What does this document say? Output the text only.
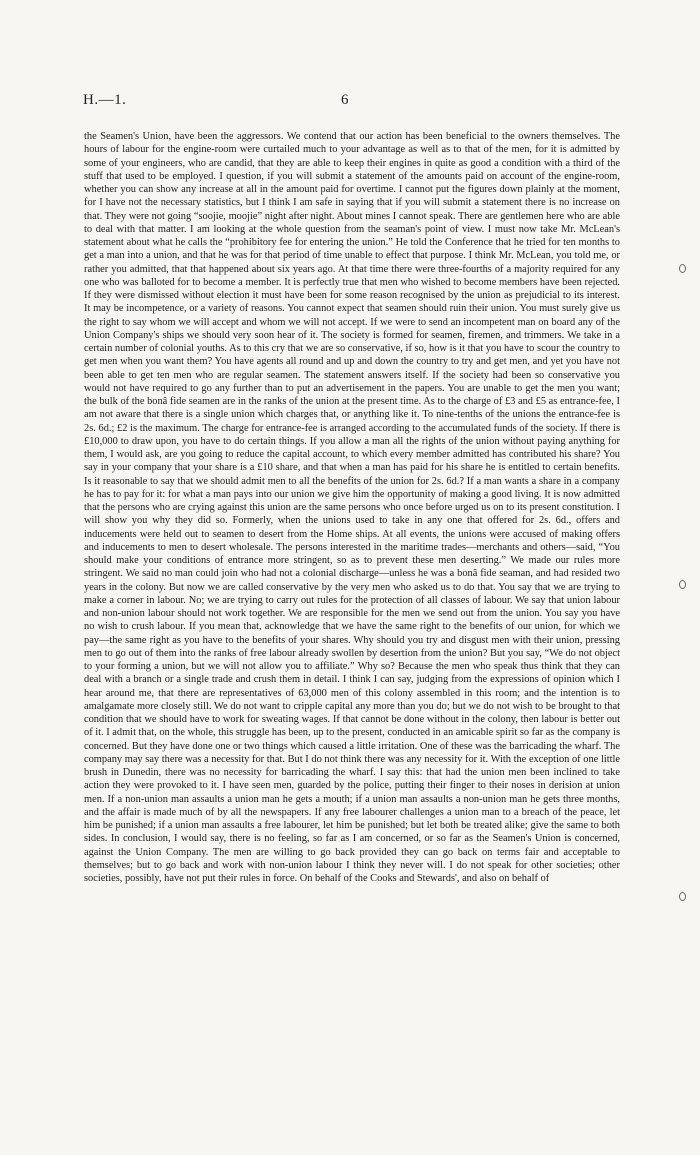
H.—1.	6

the Seamen's Union, have been the aggressors. We contend that our action has been beneficial to the owners themselves. The hours of labour for the engine-room were curtailed much to your advantage as well as to that of the men, for it is admitted by some of your engineers, who are candid, that they are able to keep their engines in quite as good a condition with a third of the stuff that used to be employed. I question, if you will submit a statement of the amounts paid on account of the engine-room, whether you can show any increase at all in the amount paid for overtime. I cannot put the figures down plainly at the moment, for I have not the necessary statistics, but I think I am safe in saying that if you will submit a statement there is no increase on that. They were not going “soojie, moojie” night after night. About mines I cannot speak. There are gentlemen here who are able to deal with that matter. I am looking at the whole question from the seaman's point of view. I must now take Mr. McLean's statement about what he calls the “prohibitory fee for entering the union.” He told the Conference that he tried for ten months to get a man into a union, and that he was for that period of time unable to effect that purpose. I think Mr. McLean, you told me, or rather you admitted, that that happened about six years ago. At that time there were three-fourths of a majority required for any one who was balloted for to become a member. It is perfectly true that men who wished to become members have been rejected. If they were dismissed without election it must have been for some reason recognised by the union as prejudicial to its interest. It may be incompetence, or a variety of reasons. You cannot expect that seamen should ruin their union. You must surely give us the right to say whom we will accept and whom we will not accept. If we were to send an incompetent man on board any of the Union Company's ships we should very soon hear of it. The society is formed for seamen, firemen, and trimmers. We take in a certain number of colonial youths. As to this cry that we are so conservative, if so, how is it that you have to scour the country to get men when you want them? You have agents all round and up and down the country to try and get men, and yet you have not been able to get ten men who are regular seamen. The statement answers itself. If the society had been so conservative you would not have required to go any further than to put an advertisement in the papers. You are unable to get the men you want; the bulk of the bonâ fide seamen are in the ranks of the union at the present time. As to the charge of £3 and £5 as entrance-fee, I am not aware that there is a single union which charges that, or anything like it. To nine-tenths of the unions the entrance-fee is 2s. 6d.; £2 is the maximum. The charge for entrance-fee is arranged according to the accumulated funds of the society. If there is £10,000 to draw upon, you have to do certain things. If you allow a man all the rights of the union without paying anything for them, I would ask, are you going to reduce the capital account, to which every member admitted has contributed his share? You say in your company that your share is a £10 share, and that when a man has paid for his share he is entitled to certain benefits. Is it reasonable to say that we should admit men to all the benefits of the union for 2s. 6d.? If a man wants a share in a company he has to pay for it: for what a man pays into our union we give him the opportunity of making a good living. It is now admitted that the persons who are crying against this union are the same persons who once before urged us on to its present constitution. I will show you why they did so. Formerly, when the unions used to take in any one that offered for 2s. 6d., offers and inducements were held out to seamen to desert from the Home ships. At all events, the unions were accused of making offers and inducements to men to desert wholesale. The persons interested in the maritime trades—merchants and others—said, “You should make your conditions of entrance more stringent, so as to prevent these men deserting.” We made our rules more stringent. We said no man could join who had not a colonial discharge—unless he was a bonâ fide seaman, and had resided two years in the colony. But now we are called conservative by the very men who asked us to do that. You say that we are trying to make a corner in labour. No; we are trying to carry out rules for the protection of all classes of labour. We say that union labour and non-union labour should not work together. We are responsible for the men we send out from the union. You say you have no wish to crush labour. If you mean that, acknowledge that we have the same right to the benefits of our union, for which we pay—the same right as you have to the benefits of your shares. Why should you try and disgust men with their union, pressing men to go out of them into the ranks of free labour already swollen by desertion from the union? But you say, “We do not object to your forming a union, but we will not allow you to affiliate.” Why so? Because the men who speak thus think that they can deal with a branch or a single trade and crush them in detail. I think I can say, judging from the expressions of opinion which I hear around me, that there are representatives of 63,000 men of this colony assembled in this room; and the intention is to amalgamate more closely still. We do not want to cripple capital any more than you do; but we do not wish to be brought to that condition that we should have to work for sweating wages. If that cannot be done without in the colony, then labour is better out of it. I admit that, on the whole, this struggle has been, up to the present, conducted in an amicable spirit so far as the company is concerned. But they have done one or two things which caused a little irritation. One of these was the barricading the wharf. The company may say there was a necessity for that. But I do not think there was any necessity for it. With the exception of one little brush in Dunedin, there was no necessity for barricading the wharf. I say this: that had the union men been inclined to take action they were provoked to it. I have seen men, guarded by the police, putting their finger to their noses in derision at union men. If a non-union man assaults a union man he gets a mouth; if a union man assaults a non-union man he gets three months, and the affair is made much of by all the newspapers. If any free labourer challenges a union man to a breach of the peace, let him be punished; if a union man assaults a free labourer, let him be punished; but let both be treated alike; give the same to both sides. In conclusion, I would say, there is no feeling, so far as I am concerned, or so far as the Seamen's Union is concerned, against the Union Company. The men are willing to go back provided they can go back on terms fair and acceptable to themselves; but to go back and work with non-union labour I think they never will. I do not speak for other societies; other societies, possibly, have not put their rules in force. On behalf of the Cooks and Stewards', and also on behalf of
